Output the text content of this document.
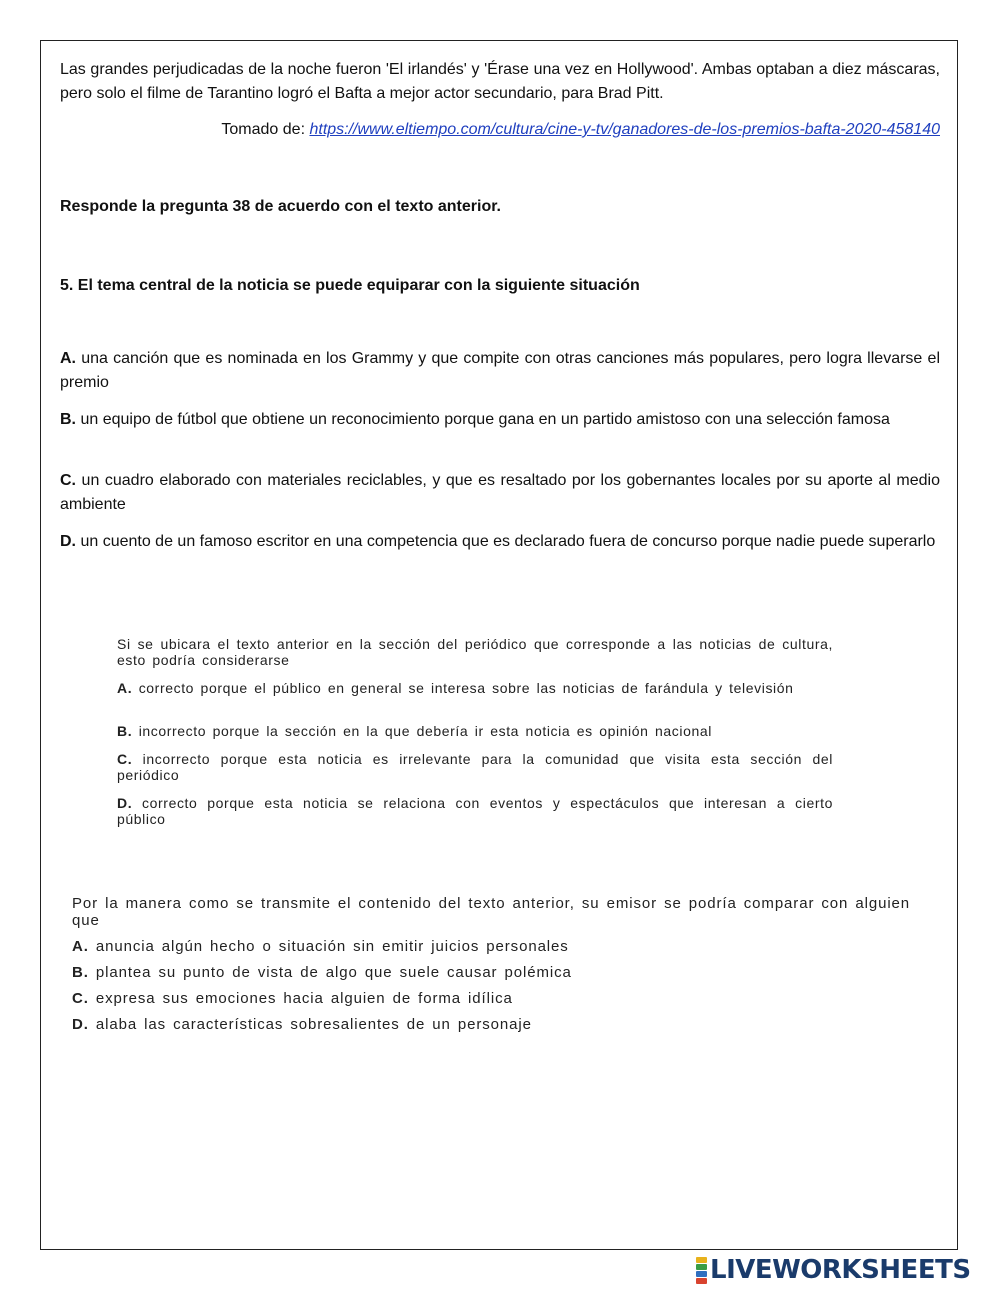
Las grandes perjudicadas de la noche fueron 'El irlandés' y 'Érase una vez en Hollywood'. Ambas optaban a diez máscaras, pero solo el filme de Tarantino logró el Bafta a mejor actor secundario, para Brad Pitt.

Tomado de: https://www.eltiempo.com/cultura/cine-y-tv/ganadores-de-los-premios-bafta-2020-458140

Responde la pregunta 38 de acuerdo con el texto anterior.

5. El tema central de la noticia se puede equiparar con la siguiente situación

A. una canción que es nominada en los Grammy y que compite con otras canciones más populares, pero logra llevarse el premio

B. un equipo de fútbol que obtiene un reconocimiento porque gana en un partido amistoso con una selección famosa

C. un cuadro elaborado con materiales reciclables, y que es resaltado por los gobernantes locales por su aporte al medio ambiente

D. un cuento de un famoso escritor en una competencia que es declarado fuera de concurso porque nadie puede superarlo

Si se ubicara el texto anterior en la sección del periódico que corresponde a las noticias de cultura, esto podría considerarse

A. correcto porque el público en general se interesa sobre las noticias de farándula y televisión

B. incorrecto porque la sección en la que debería ir esta noticia es opinión nacional

C. incorrecto porque esta noticia es irrelevante para la comunidad que visita esta sección del periódico

D. correcto porque esta noticia se relaciona con eventos y espectáculos que interesan a cierto público

Por la manera como se transmite el contenido del texto anterior, su emisor se podría comparar con alguien que

A. anuncia algún hecho o situación sin emitir juicios personales

B. plantea su punto de vista de algo que suele causar polémica

C. expresa sus emociones hacia alguien de forma idílica

D. alaba las características sobresalientes de un personaje

LIVEWORKSHEETS
